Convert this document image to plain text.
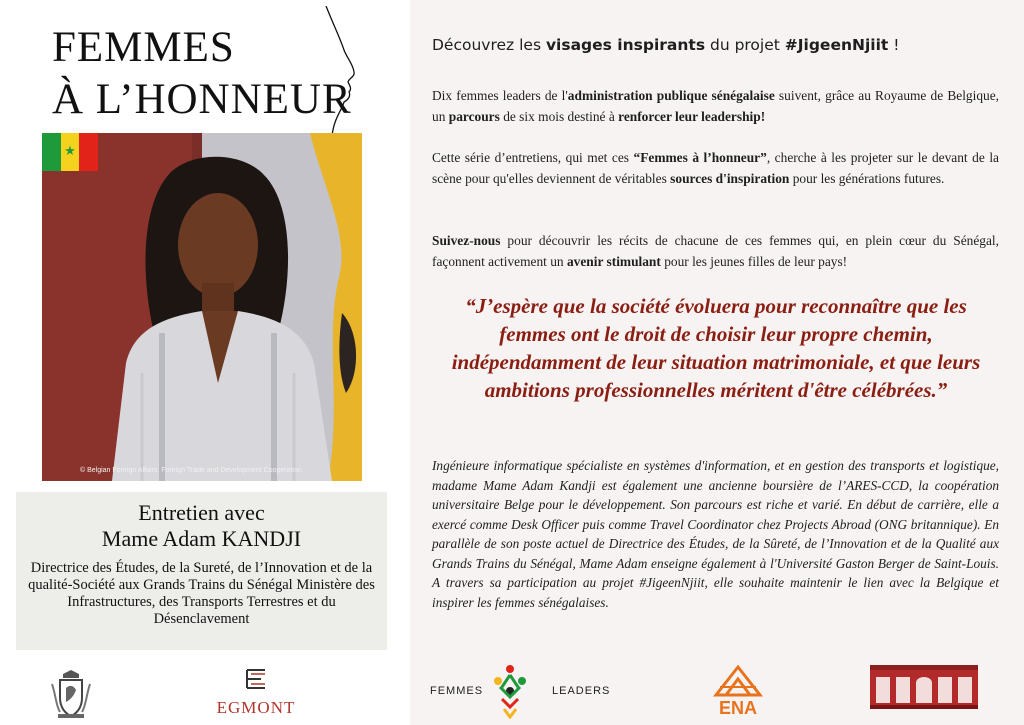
FEMMES
À L’HONNEUR
★
© Belgian Foreign Affairs, Foreign Trade and Development Cooperation
Entretien avec
Mame Adam KANDJI
Directrice des Études, de la Sureté, de l’Innovation et de la qualité-Société aux Grands Trains du Sénégal Ministère des Infrastructures, des Transports Terrestres et du Désenclavement
EGMONT
Découvrez les visages inspirants du projet #JigeenNjiit !

Dix femmes leaders de l'administration publique sénégalaise suivent, grâce au Royaume de Belgique, un parcours de six mois destiné à renforcer leur leadership!

Cette série d’entretiens, qui met ces “Femmes à l’honneur”, cherche à les projeter sur le devant de la scène pour qu'elles deviennent de véritables sources d'inspiration pour les générations futures.

Suivez-nous pour découvrir les récits de chacune de ces femmes qui, en plein cœur du Sénégal, façonnent activement un avenir stimulant pour les jeunes filles de leur pays!

“J’espère que la société évoluera pour reconnaître que les femmes ont le droit de choisir leur propre chemin, indépendamment de leur situation matrimoniale, et que leurs ambitions professionnelles méritent d'être célébrées.”

Ingénieure informatique spécialiste en systèmes d'information, et en gestion des transports et logistique, madame Mame Adam Kandji est également une ancienne boursière de l’ARES-CCD, la coopération universitaire Belge pour le développement. Son parcours est riche et varié. En début de carrière, elle a exercé comme Desk Officer puis comme Travel Coordinator chez Projects Abroad (ONG britannique). En parallèle de son poste actuel de Directrice des Études, de la Sûreté, de l’Innovation et de la Qualité aux Grands Trains du Sénégal, Mame Adam enseigne également à l'Université Gaston Berger de Saint-Louis. A travers sa participation au projet #JigeenNjiit, elle souhaite maintenir le lien avec la Belgique et inspirer les femmes sénégalaises.

FEMMES	LEADERS
ENA
